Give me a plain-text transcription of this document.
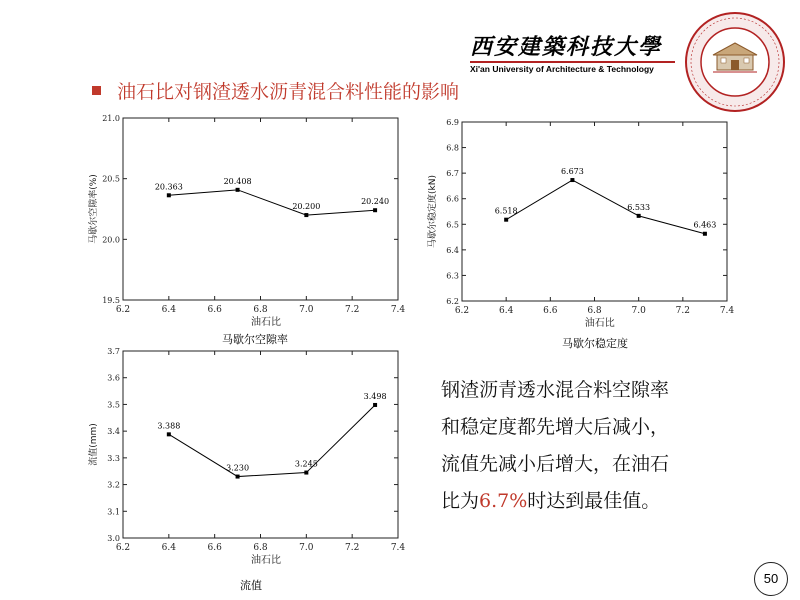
西安建築科技大學
Xi'an University of Architecture & Technology
油石比对钢渣透水沥青混合料性能的影响
6.2	6.4	6.6	6.8	7.0	7.2	7.4
19.5
20.0
20.5
21.0
油石比
马歇尔空隙率(%)	20.363
20.408
20.200
20.240
马歇尔空隙率
6.2	6.4	6.6	6.8	7.0	7.2	7.4
6.2
6.3
6.4
6.5
6.6
6.7
6.8
6.9
油石比
马歇尔稳定度(kN)	6.518
6.673
6.533
6.463
马歇尔稳定度
6.2	6.4	6.6	6.8	7.0	7.2	7.4
3.0
3.1
3.2
3.3
3.4
3.5
3.6
3.7
油石比
流值(mm)	3.388
3.230	3.245
3.498
流值
钢渣沥青透水混合料空隙率
和稳定度都先增大后减小，
流值先减小后增大，在油石
比为6.7%时达到最佳值。
50
